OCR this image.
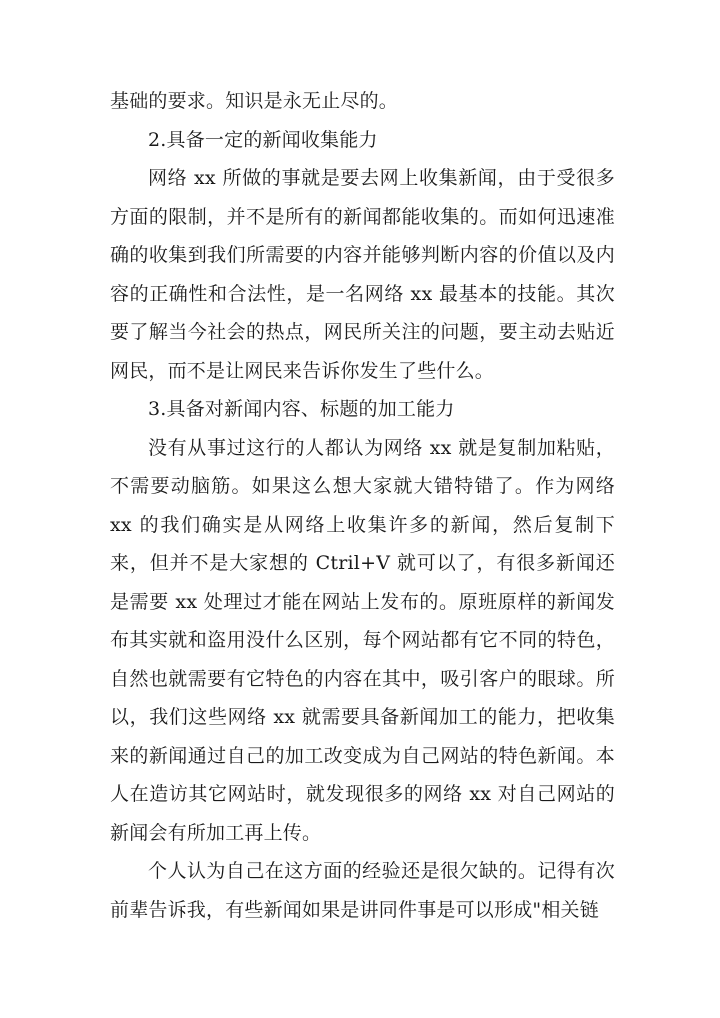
基础的要求。知识是永无止尽的。

2.具备一定的新闻收集能力

网络 xx 所做的事就是要去网上收集新闻，由于受很多方面的限制，并不是所有的新闻都能收集的。而如何迅速准确的收集到我们所需要的内容并能够判断内容的价值以及内容的正确性和合法性，是一名网络 xx 最基本的技能。其次要了解当今社会的热点，网民所关注的问题，要主动去贴近网民，而不是让网民来告诉你发生了些什么。

3.具备对新闻内容、标题的加工能力

没有从事过这行的人都认为网络 xx 就是复制加粘贴，不需要动脑筋。如果这么想大家就大错特错了。作为网络 xx 的我们确实是从网络上收集许多的新闻，然后复制下来，但并不是大家想的 Ctril+V 就可以了，有很多新闻还是需要 xx 处理过才能在网站上发布的。原班原样的新闻发布其实就和盗用没什么区别，每个网站都有它不同的特色，自然也就需要有它特色的内容在其中，吸引客户的眼球。所以，我们这些网络 xx 就需要具备新闻加工的能力，把收集来的新闻通过自己的加工改变成为自己网站的特色新闻。本人在造访其它网站时，就发现很多的网络 xx 对自己网站的新闻会有所加工再上传。

个人认为自己在这方面的经验还是很欠缺的。记得有次前辈告诉我，有些新闻如果是讲同件事是可以形成"相关链
